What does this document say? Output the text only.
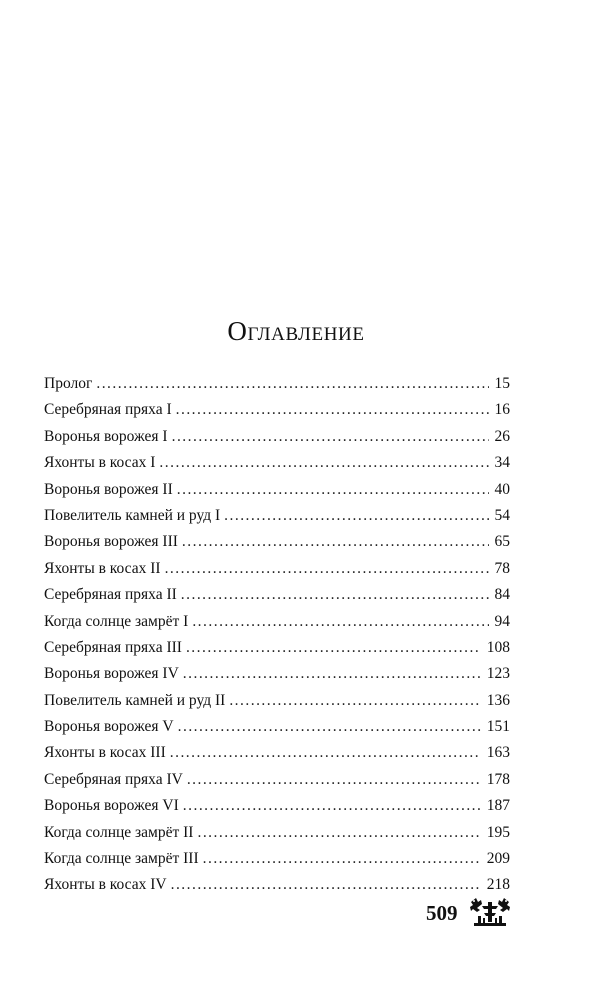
Оглавление
Пролог . . .	15
Серебряная пряха I . . .	16
Воронья ворожея I . . .	26
Яхонты в косах I . . .	34
Воронья ворожея II . . .	40
Повелитель камней и руд I . . .	54
Воронья ворожея III . . .	65
Яхонты в косах II . . .	78
Серебряная пряха II . . .	84
Когда солнце замрёт I . . .	94
Серебряная пряха III . . .	108
Воронья ворожея IV . . .	123
Повелитель камней и руд II . . .	136
Воронья ворожея V . . .	151
Яхонты в косах III . . .	163
Серебряная пряха IV . . .	178
Воронья ворожея VI . . .	187
Когда солнце замрёт II . . .	195
Когда солнце замрёт III . . .	209
Яхонты в косах IV . . .	218
509
